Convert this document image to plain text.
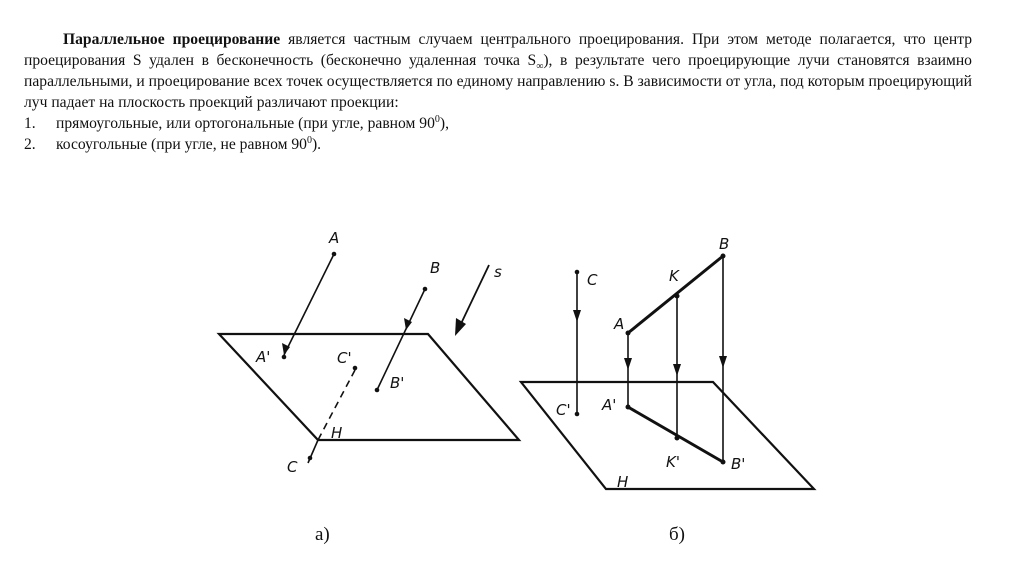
Параллельное проецирование является частным случаем центрального проецирования. При этом методе полагается, что центр проецирования S удален в бесконечность (бесконечно удаленная точка $S_\infty$), в результате чего проецирующие лучи становятся взаимно параллельными, и проецирование всех точек осуществляется по единому направлению s. В зависимости от угла, под которым проецирующий луч падает на плоскость проекций различают проекции:

1.	прямоугольные, или ортогональные (при угле, равном $90^0$),
2.	косоугольные (при угле, не равном $90^0$).
A
A'
B
B'
C'
C
H
s
а)
C
C'
A
A'
K
K'
B
B'
H
б)
